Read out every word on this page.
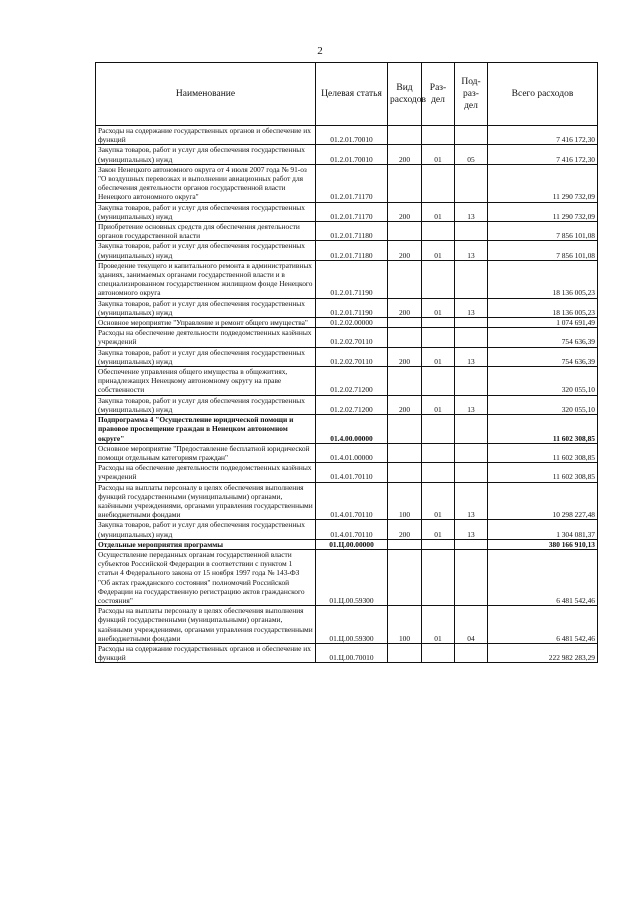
2
Наименование	Целевая статья	Вид расходов	Раз-дел	Под-раз-дел	Всего расходов
Расходы на содержание государственных органов и обеспечение их функций	01.2.01.70010				7 416 172,30
Закупка товаров, работ и услуг для обеспечения государственных (муниципальных) нужд	01.2.01.70010	200	01	05	7 416 172,30
Закон Ненецкого автономного округа от 4 июля 2007 года № 91-оз "О воздушных перевозках и выполнении авиационных работ для обеспечения деятельности органов государственной власти Ненецкого автономного округа"	01.2.01.71170				11 290 732,09
Закупка товаров, работ и услуг для обеспечения государственных (муниципальных) нужд	01.2.01.71170	200	01	13	11 290 732,09
Приобретение основных средств для обеспечения деятельности органов государственной власти	01.2.01.71180				7 856 101,08
Закупка товаров, работ и услуг для обеспечения государственных (муниципальных) нужд	01.2.01.71180	200	01	13	7 856 101,08
Проведение текущего и капитального ремонта в административных зданиях, занимаемых органами государственной власти и в специализированном государственном жилищном фонде Ненецкого автономного округа	01.2.01.71190				18 136 005,23
Закупка товаров, работ и услуг для обеспечения государственных (муниципальных) нужд	01.2.01.71190	200	01	13	18 136 005,23
Основное мероприятие "Управление и ремонт общего имущества"	01.2.02.00000				1 074 691,49
Расходы на обеспечение деятельности подведомственных казённых учреждений	01.2.02.70110				754 636,39
Закупка товаров, работ и услуг для обеспечения государственных (муниципальных) нужд	01.2.02.70110	200	01	13	754 636,39
Обеспечение управления общего имущества в общежитиях, принадлежащих Ненецкому автономному округу на праве собственности	01.2.02.71200				320 055,10
Закупка товаров, работ и услуг для обеспечения государственных (муниципальных) нужд	01.2.02.71200	200	01	13	320 055,10
Подпрограмма 4 "Осуществление юридической помощи и правовое просвещение граждан в Ненецком автономном округе"	01.4.00.00000				11 602 308,85
Основное мероприятие "Предоставление бесплатной юридической помощи отдельным категориям граждан"	01.4.01.00000				11 602 308,85
Расходы на обеспечение деятельности подведомственных казённых учреждений	01.4.01.70110				11 602 308,85
Расходы на выплаты персоналу в целях обеспечения выполнения функций государственными (муниципальными) органами, казёнными учреждениями, органами управления государственными внебюджетными фондами	01.4.01.70110	100	01	13	10 298 227,48
Закупка товаров, работ и услуг для обеспечения государственных (муниципальных) нужд	01.4.01.70110	200	01	13	1 304 081,37
Отдельные мероприятия программы	01.Ц.00.00000				380 166 910,13
Осуществление переданных органам государственной власти субъектов Российской Федерации в соответствии с пунктом 1 статьи 4 Федерального закона от 15 ноября 1997 года № 143-ФЗ "Об актах гражданского состояния" полномочий Российской Федерации на государственную регистрацию актов гражданского состояния"	01.Ц.00.59300				6 481 542,46
Расходы на выплаты персоналу в целях обеспечения выполнения функций государственными (муниципальными) органами, казёнными учреждениями, органами управления государственными внебюджетными фондами	01.Ц.00.59300	100	01	04	6 481 542,46
Расходы на содержание государственных органов и обеспечение их функций	01.Ц.00.70010				222 982 283,29
